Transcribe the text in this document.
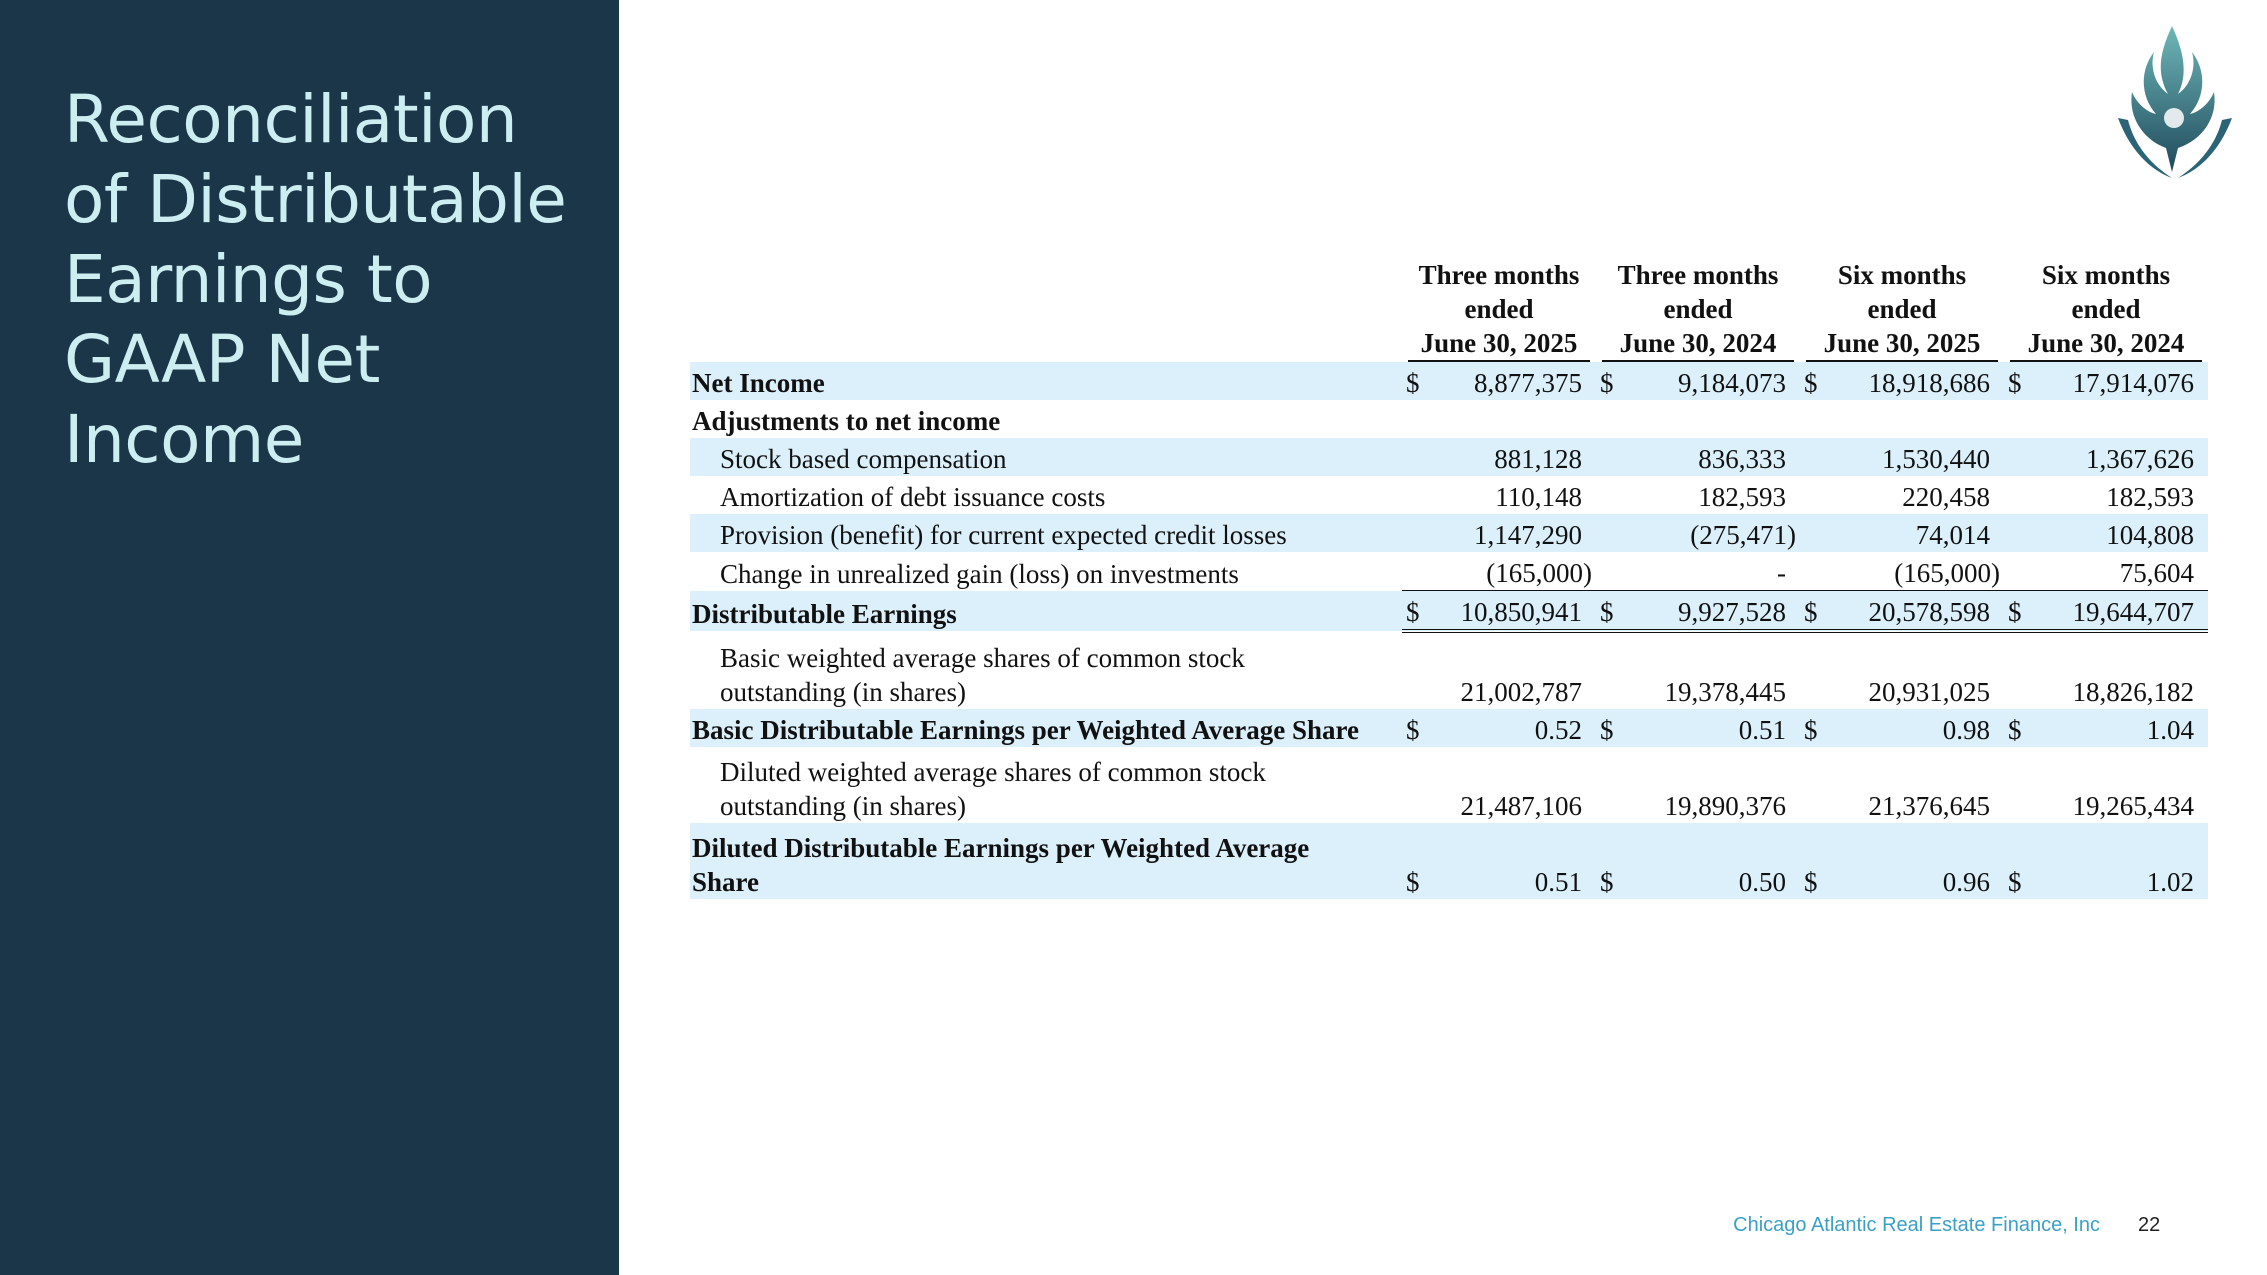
Reconciliation of Distributable Earnings to GAAP Net Income

	Three months
ended
June 30, 2025		Three months
ended
June 30, 2024		Six months
ended
June 30, 2025		Six months
ended
June 30, 2024	

Net Income	$	8,877,375	$	9,184,073	$	18,918,686	$	17,914,076
Adjustments to net income								
Stock based compensation		881,128		836,333		1,530,440		1,367,626
Amortization of debt issuance costs		110,148		182,593		220,458		182,593
Provision (benefit) for current expected credit losses		1,147,290		(275,471)		74,014		104,808
Change in unrealized gain (loss) on investments		(165,000)		-		(165,000)		75,604
Distributable Earnings	$	10,850,941	$	9,927,528	$	20,578,598	$	19,644,707

Basic weighted average shares of common stock
outstanding (in shares)		21,002,787		19,378,445		20,931,025		18,826,182
Basic Distributable Earnings per Weighted Average Share	$	0.52	$	0.51	$	0.98	$	1.04

Diluted weighted average shares of common stock
outstanding (in shares)		21,487,106		19,890,376		21,376,645		19,265,434

Diluted Distributable Earnings per Weighted Average
Share	$	0.51	$	0.50	$	0.96	$	1.02
Chicago Atlantic Real Estate Finance, Inc 22
